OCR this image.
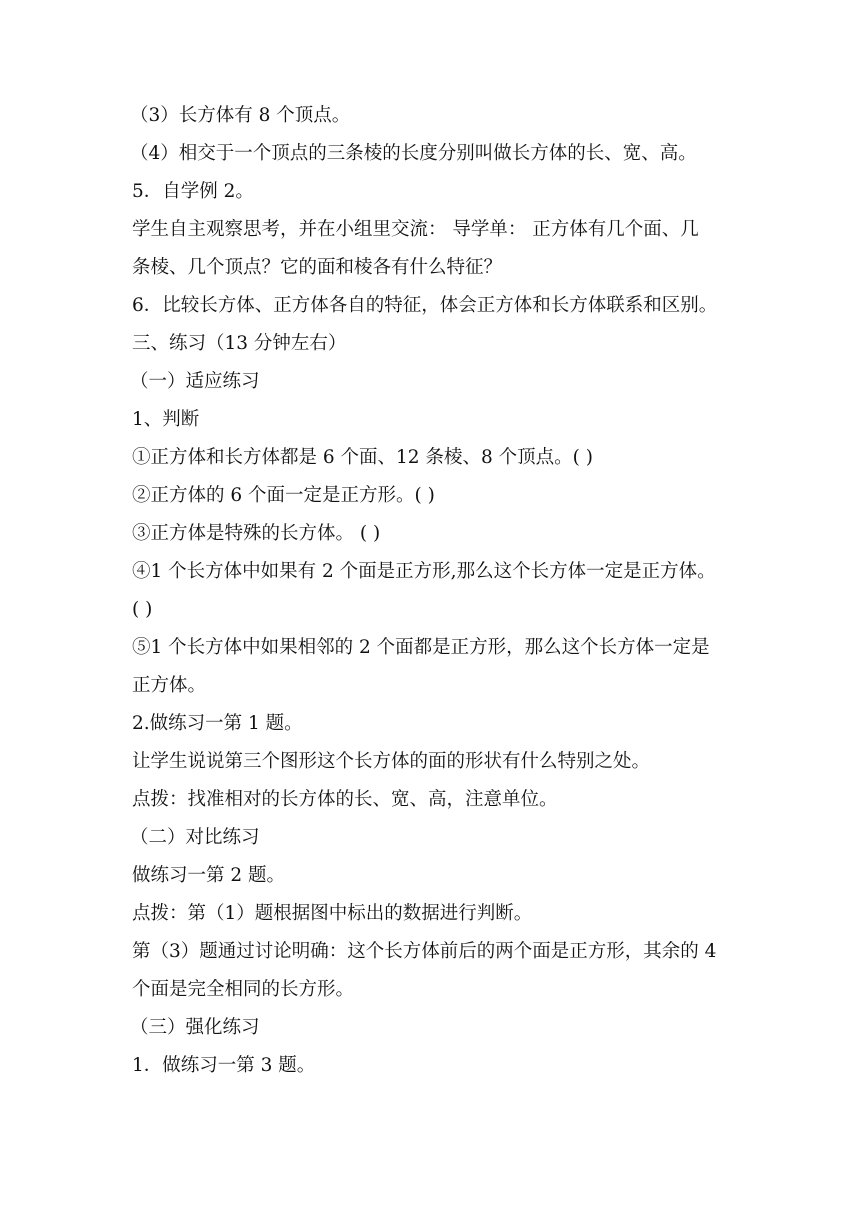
（3）长方体有 8 个顶点。
（4）相交于一个顶点的三条棱的长度分别叫做长方体的长、宽、高。
5．自学例 2。
学生自主观察思考，并在小组里交流： 导学单： 正方体有几个面、几
条棱、几个顶点？它的面和棱各有什么特征？
6．比较长方体、正方体各自的特征，体会正方体和长方体联系和区别。
三、练习（13 分钟左右）
（一）适应练习
1、判断
①正方体和长方体都是 6 个面、12 条棱、8 个顶点。( )
②正方体的 6 个面一定是正方形。( )
③正方体是特殊的长方体。 ( )
④1 个长方体中如果有 2 个面是正方形,那么这个长方体一定是正方体。
( )
⑤1 个长方体中如果相邻的 2 个面都是正方形，那么这个长方体一定是
正方体。
2.做练习一第 1 题。
让学生说说第三个图形这个长方体的面的形状有什么特别之处。
点拨：找准相对的长方体的长、宽、高，注意单位。
（二）对比练习
做练习一第 2 题。
点拨：第（1）题根据图中标出的数据进行判断。
第（3）题通过讨论明确：这个长方体前后的两个面是正方形，其余的 4
个面是完全相同的长方形。
（三）强化练习
1．做练习一第 3 题。
